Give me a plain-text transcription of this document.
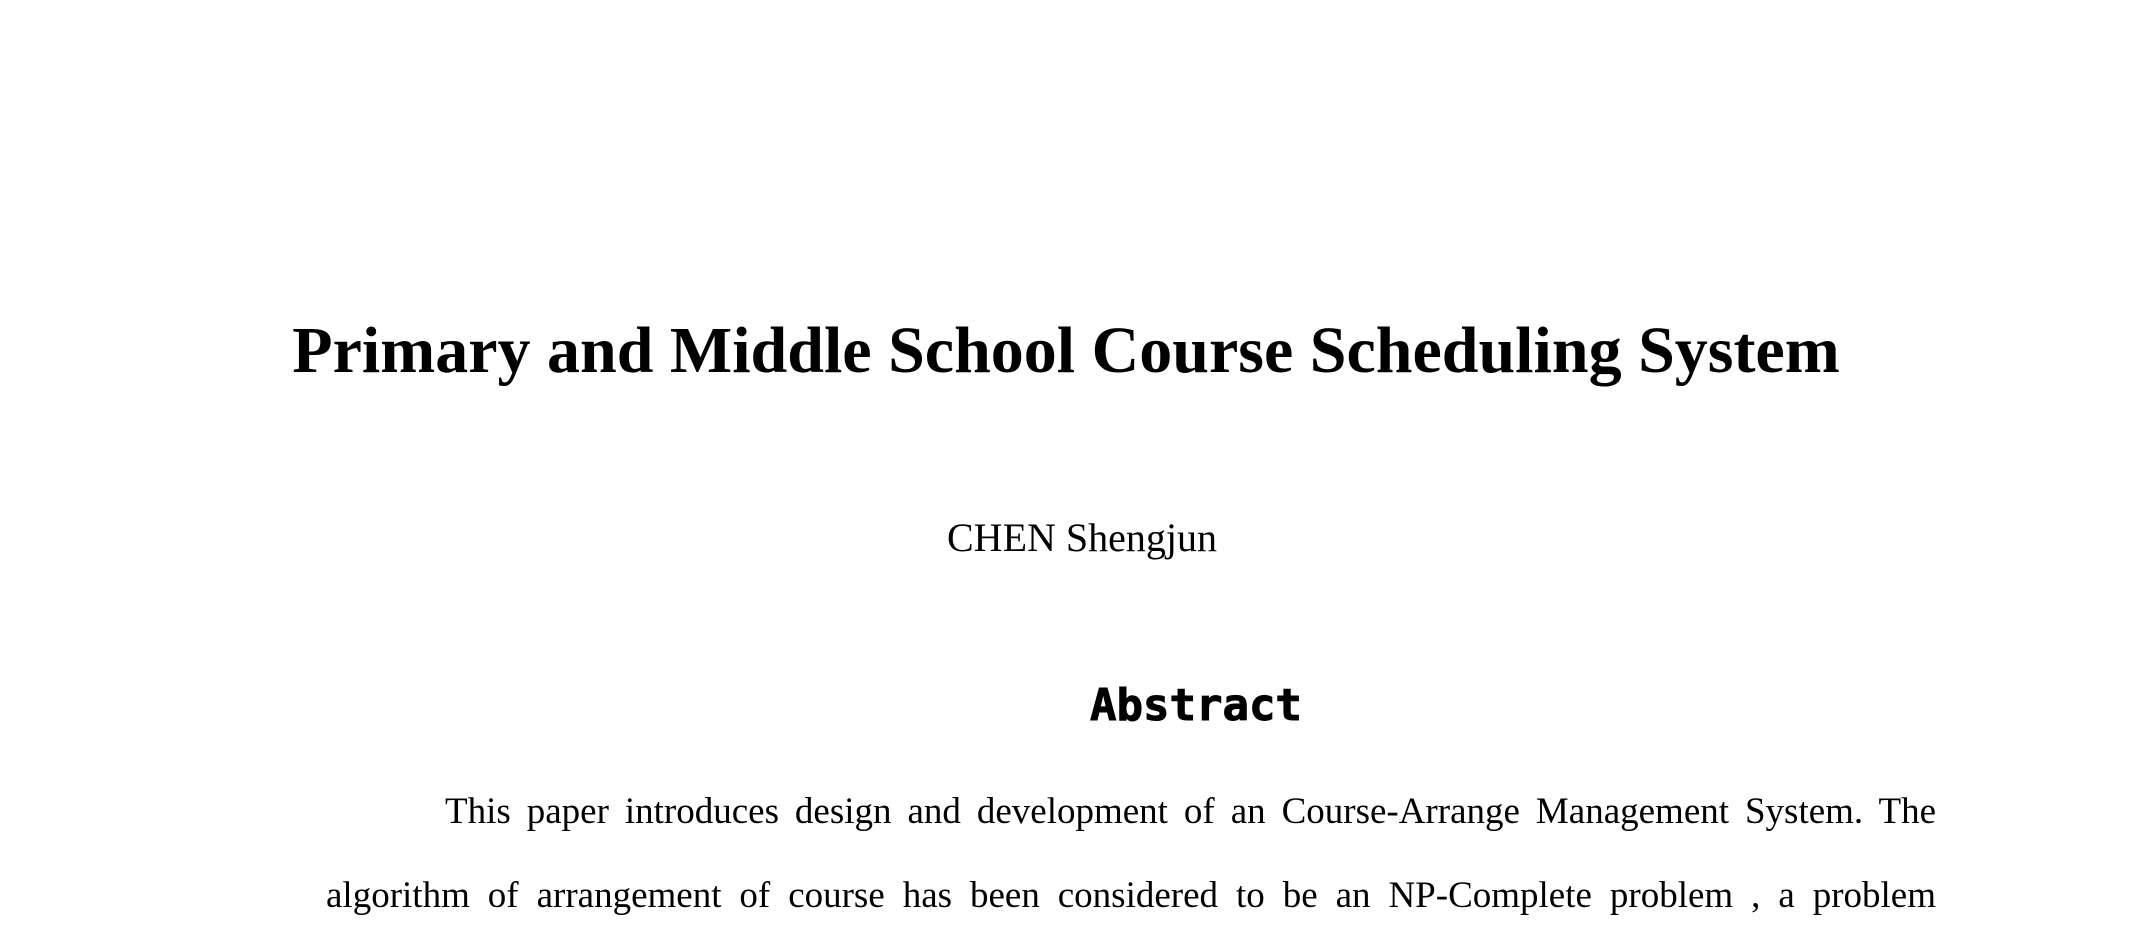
Primary and Middle School Course Scheduling System

CHEN Shengjun

Abstract

This paper introduces design and development of an Course-Arrange Management System. The algorithm of arrangement of course has been considered to be an NP-Complete problem , a problem
